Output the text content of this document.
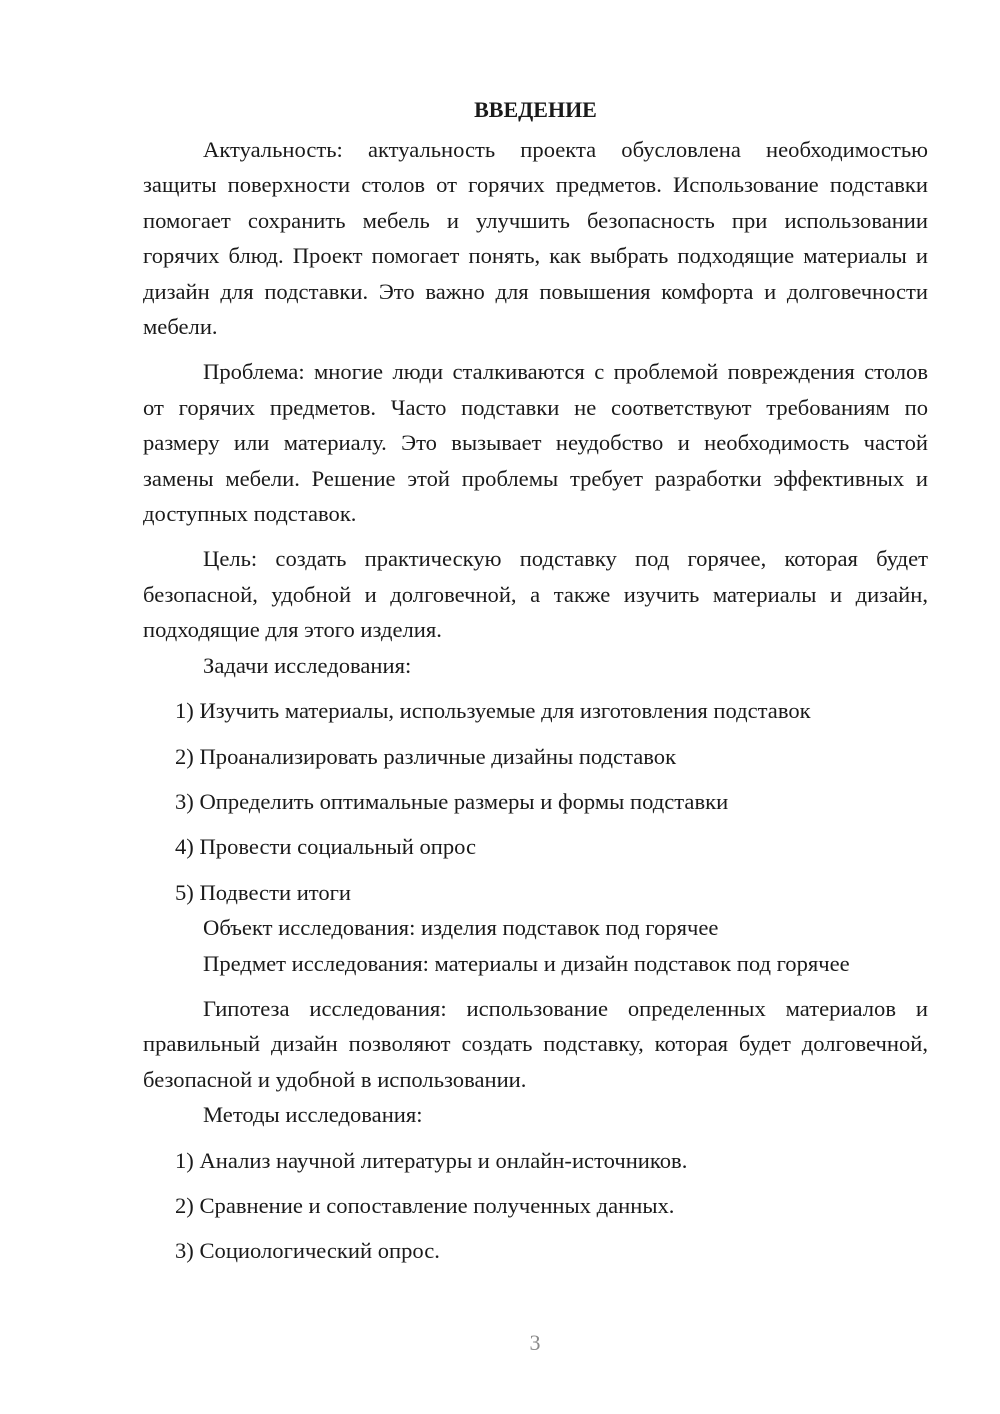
ВВЕДЕНИЕ

Актуальность: актуальность проекта обусловлена необходимостью защиты поверхности столов от горячих предметов. Использование подставки помогает сохранить мебель и улучшить безопасность при использовании горячих блюд. Проект помогает понять, как выбрать подходящие материалы и дизайн для подставки. Это важно для повышения комфорта и долговечности мебели.

Проблема: многие люди сталкиваются с проблемой повреждения столов от горячих предметов. Часто подставки не соответствуют требованиям по размеру или материалу. Это вызывает неудобство и необходимость частой замены мебели. Решение этой проблемы требует разработки эффективных и доступных подставок.

Цель: создать практическую подставку под горячее, которая будет безопасной, удобной и долговечной, а также изучить материалы и дизайн, подходящие для этого изделия.

Задачи исследования:
1) Изучить материалы, используемые для изготовления подставок
2) Проанализировать различные дизайны подставок
3) Определить оптимальные размеры и формы подставки
4) Провести социальный опрос
5) Подвести итоги
Объект исследования: изделия подставок под горячее
Предмет исследования: материалы и дизайн подставок под горячее

Гипотеза исследования: использование определенных материалов и правильный дизайн позволяют создать подставку, которая будет долговечной, безопасной и удобной в использовании.

Методы исследования:
1) Анализ научной литературы и онлайн-источников.
2) Сравнение и сопоставление полученных данных.
3) Социологический опрос.
3
